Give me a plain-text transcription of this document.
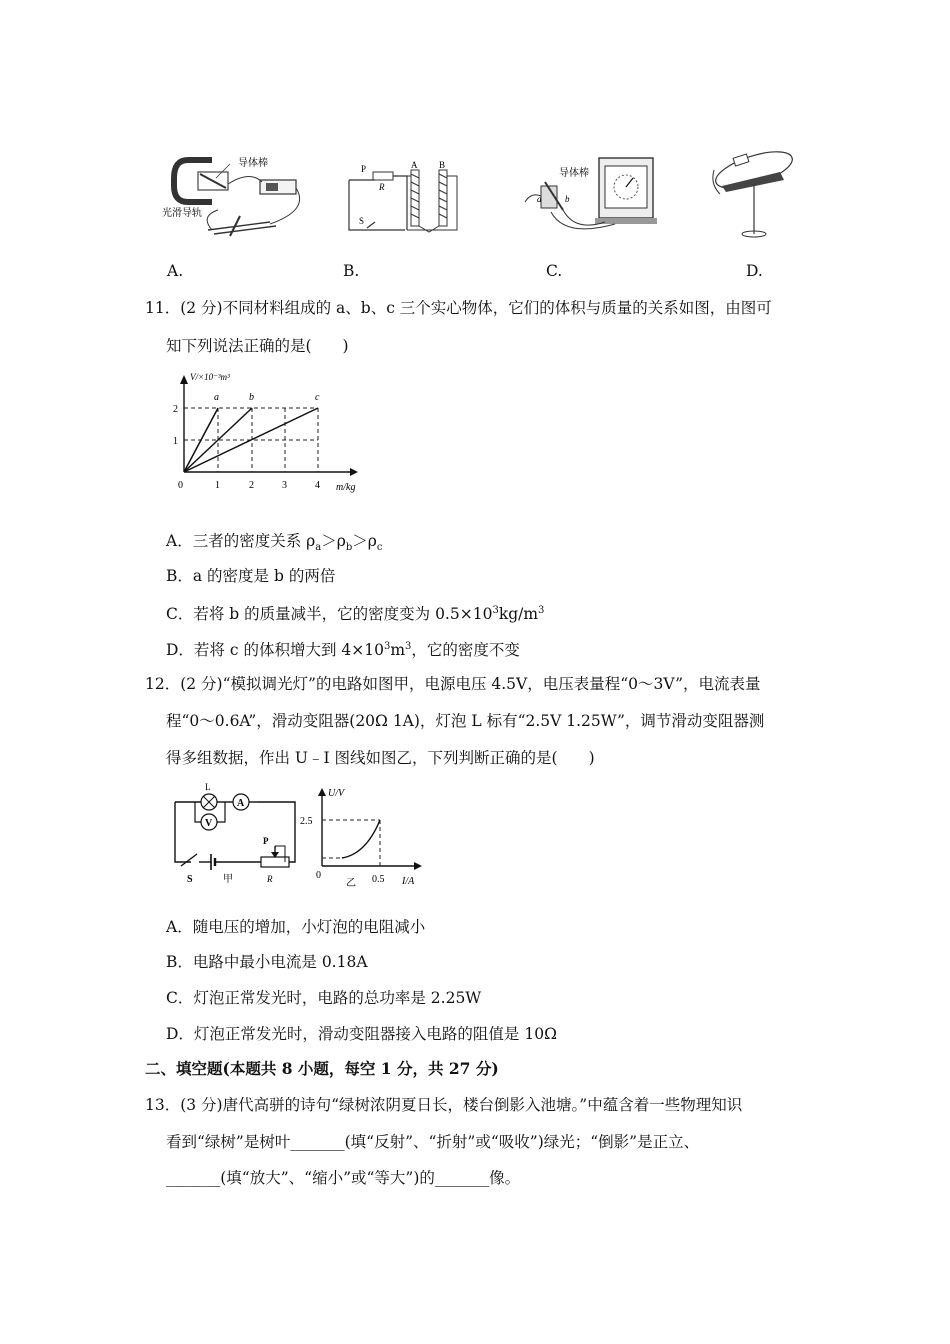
导体棒
光滑导轨
P
R
S
A B
导体棒
a	b
A.	B.	C.	D.
11．(2 分)不同材料组成的 a、b、c 三个实心物体，它们的体积与质量的关系如图，由图可
知下列说法正确的是(　　)
V/×10⁻³m³
m/kg
0	1	2	3	4
1
2
a	b	c
A．三者的密度关系 $\rho_a>\rho_b>\rho_c$
B．a 的密度是 b 的两倍
C．若将 b 的质量减半，它的密度变为 $0.5\times 10^3kg/m^3$
D．若将 c 的体积增大到 $4\times 10^3m^3$，它的密度不变
12．(2 分)“模拟调光灯”的电路如图甲，电源电压 4.5V，电压表量程“0～3V”，电流表量
程“0～0.6A”，滑动变阻器(20Ω 1A)，灯泡 L 标有“2.5V 1.25W”，调节滑动变阻器测
得多组数据，作出 U﹣I 图线如图乙，下列判断正确的是(　　)
L
A
V
P
S	甲	R
U/V
I/A
0
2.5
0.5
乙
A．随电压的增加，小灯泡的电阻减小
B．电路中最小电流是 0.18A
C．灯泡正常发光时，电路的总功率是 2.25W
D．灯泡正常发光时，滑动变阻器接入电路的阻值是 10Ω
二、填空题(本题共 8 小题，每空 1 分，共 27 分)
13．(3 分)唐代高骈的诗句“绿树浓阴夏日长，楼台倒影入池塘。”中蕴含着一些物理知识
看到“绿树”是树叶_______(填“反射”、“折射”或“吸收”)绿光；“倒影”是正立、
_______(填“放大”、“缩小”或“等大”)的_______像。
